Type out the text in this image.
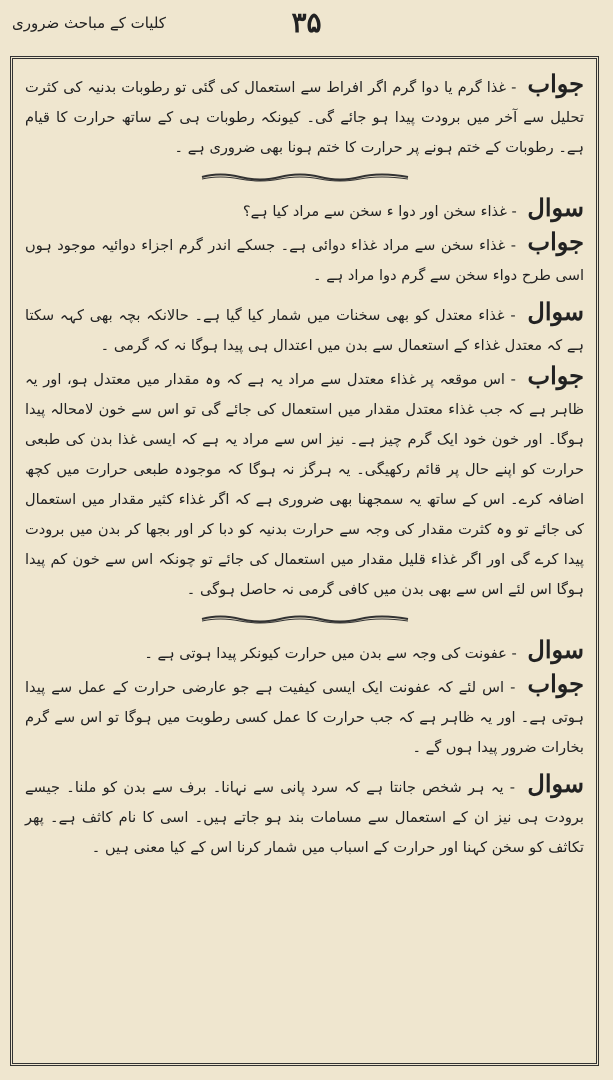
٣۵
کلیات کے مباحث ضروری

جواب - غذا گرم یا دوا گرم اگر افراط سے استعمال کی گئی تو رطوبات بدنیہ کی کثرت تحلیل سے آخر میں برودت پیدا ہو جائے گی۔ کیونکہ رطوبات ہی کے ساتھ حرارت کا قیام ہے۔ رطوبات کے ختم ہونے پر حرارت کا ختم ہونا بھی ضروری ہے ۔

سوال - غذاء سخن اور دوا ء سخن سے مراد کیا ہے؟

جواب - غذاء سخن سے مراد غذاء دوائی ہے۔ جسکے اندر گرم اجزاء دوائیہ موجود ہوں اسی طرح دواء سخن سے گرم دوا مراد ہے ۔

سوال - غذاء معتدل کو بھی سخنات میں شمار کیا گیا ہے۔ حالانکہ بچہ بھی کہہ سکتا ہے کہ معتدل غذاء کے استعمال سے بدن میں اعتدال ہی پیدا ہوگا نہ کہ گرمی ۔

جواب - اس موقعہ پر غذاء معتدل سے مراد یہ ہے کہ وہ مقدار میں معتدل ہو، اور یہ ظاہر ہے کہ جب غذاء معتدل مقدار میں استعمال کی جائے گی تو اس سے خون لامحالہ پیدا ہوگا۔ اور خون خود ایک گرم چیز ہے۔ نیز اس سے مراد یہ ہے کہ ایسی غذا بدن کی طبعی حرارت کو اپنے حال پر قائم رکھیگی۔ یہ ہرگز نہ ہوگا کہ موجودہ طبعی حرارت میں کچھ اضافہ کرے۔ اس کے ساتھ یہ سمجھنا بھی ضروری ہے کہ اگر غذاء کثیر مقدار میں استعمال کی جائے تو وہ کثرت مقدار کی وجہ سے حرارت بدنیہ کو دبا کر اور بجھا کر بدن میں برودت پیدا کرے گی اور اگر غذاء قلیل مقدار میں استعمال کی جائے تو چونکہ اس سے خون کم پیدا ہوگا اس لئے اس سے بھی بدن میں کافی گرمی نہ حاصل ہوگی ۔

سوال - عفونت کی وجہ سے بدن میں حرارت کیونکر پیدا ہوتی ہے ۔

جواب - اس لئے کہ عفونت ایک ایسی کیفیت ہے جو عارضی حرارت کے عمل سے پیدا ہوتی ہے۔ اور یہ ظاہر ہے کہ جب حرارت کا عمل کسی رطوبت میں ہوگا تو اس سے گرم بخارات ضرور پیدا ہوں گے ۔

سوال - یہ ہر شخص جانتا ہے کہ سرد پانی سے نہانا۔ برف سے بدن کو ملنا۔ جیسے برودت ہی نیز ان کے استعمال سے مسامات بند ہو جاتے ہیں۔ اسی کا نام کاثف ہے۔ پھر تکاثف کو سخن کہنا اور حرارت کے اسباب میں شمار کرنا اس کے کیا معنی ہیں ۔
